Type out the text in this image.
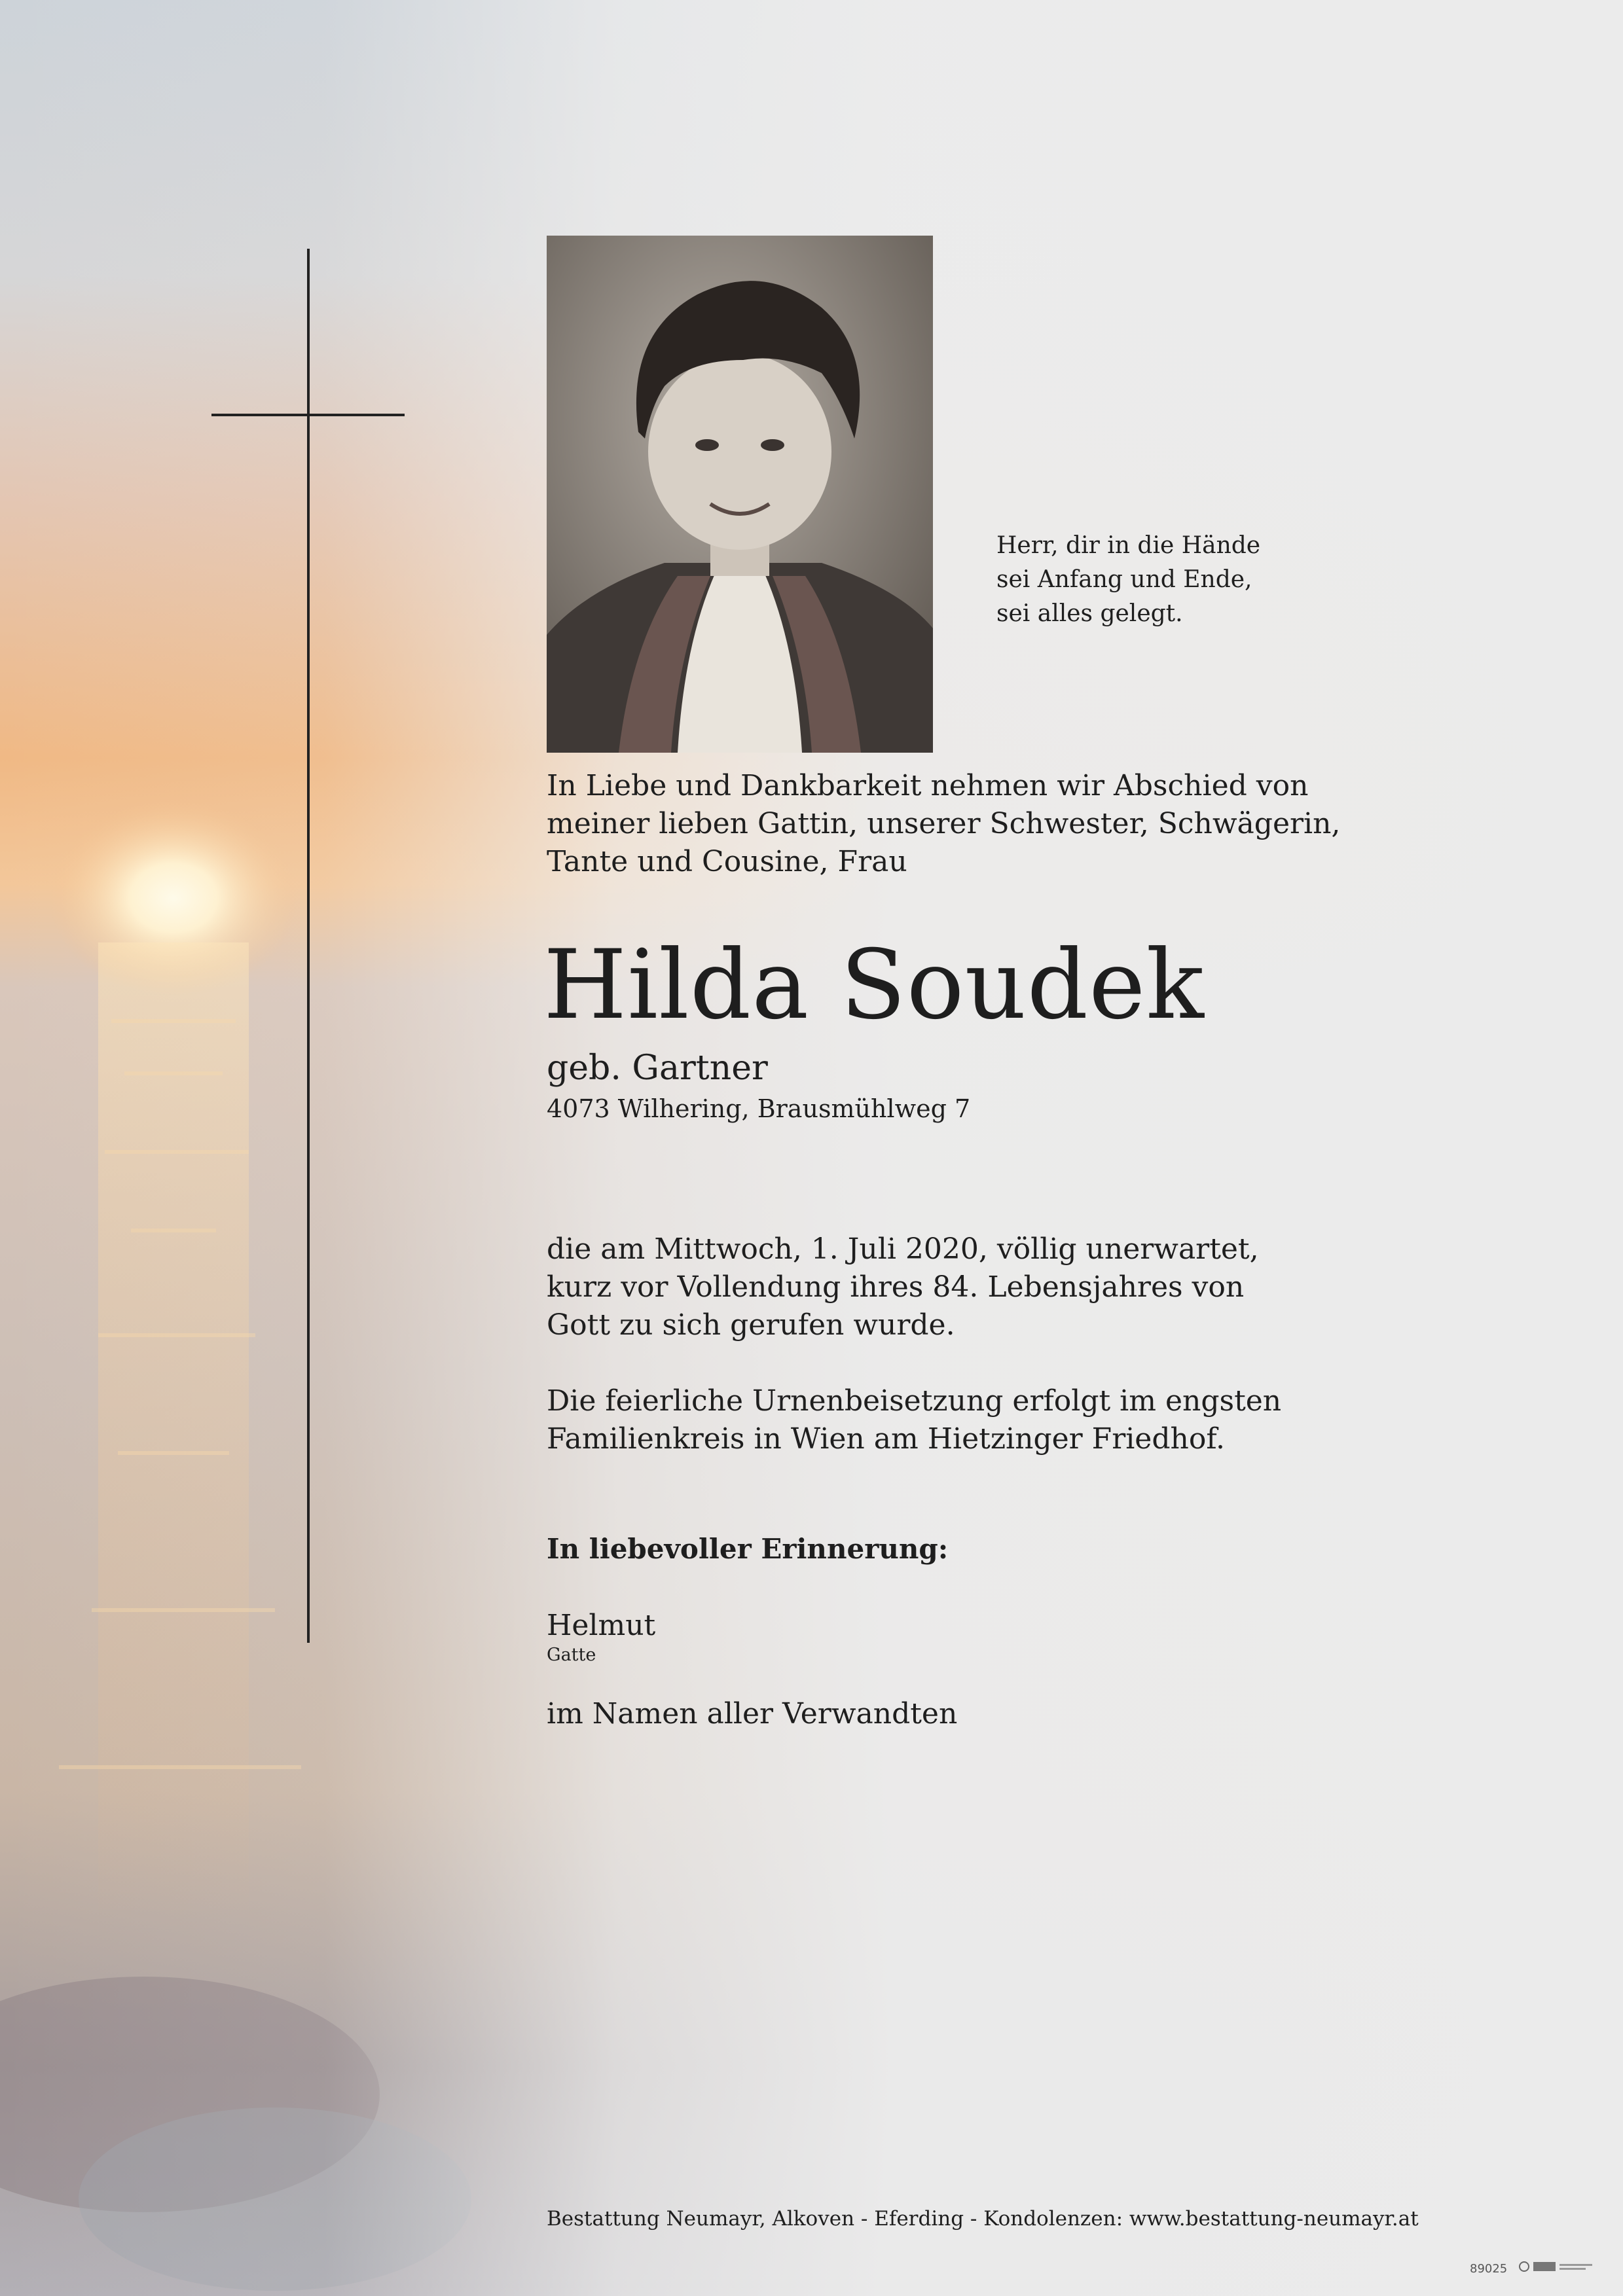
Herr, dir in die Hände
sei Anfang und Ende,
sei alles gelegt.
In Liebe und Dankbarkeit nehmen wir Abschied von
meiner lieben Gattin, unserer Schwester, Schwägerin,
Tante und Cousine, Frau
Hilda Soudek
geb. Gartner
4073 Wilhering, Brausmühlweg 7
die am Mittwoch, 1. Juli 2020, völlig unerwartet,
kurz vor Vollendung ihres 84. Lebensjahres von
Gott zu sich gerufen wurde.
Die feierliche Urnenbeisetzung erfolgt im engsten
Familienkreis in Wien am Hietzinger Friedhof.
In liebevoller Erinnerung:
Helmut
Gatte
im Namen aller Verwandten
Bestattung Neumayr, Alkoven - Eferding - Kondolenzen: www.bestattung-neumayr.at
89025
